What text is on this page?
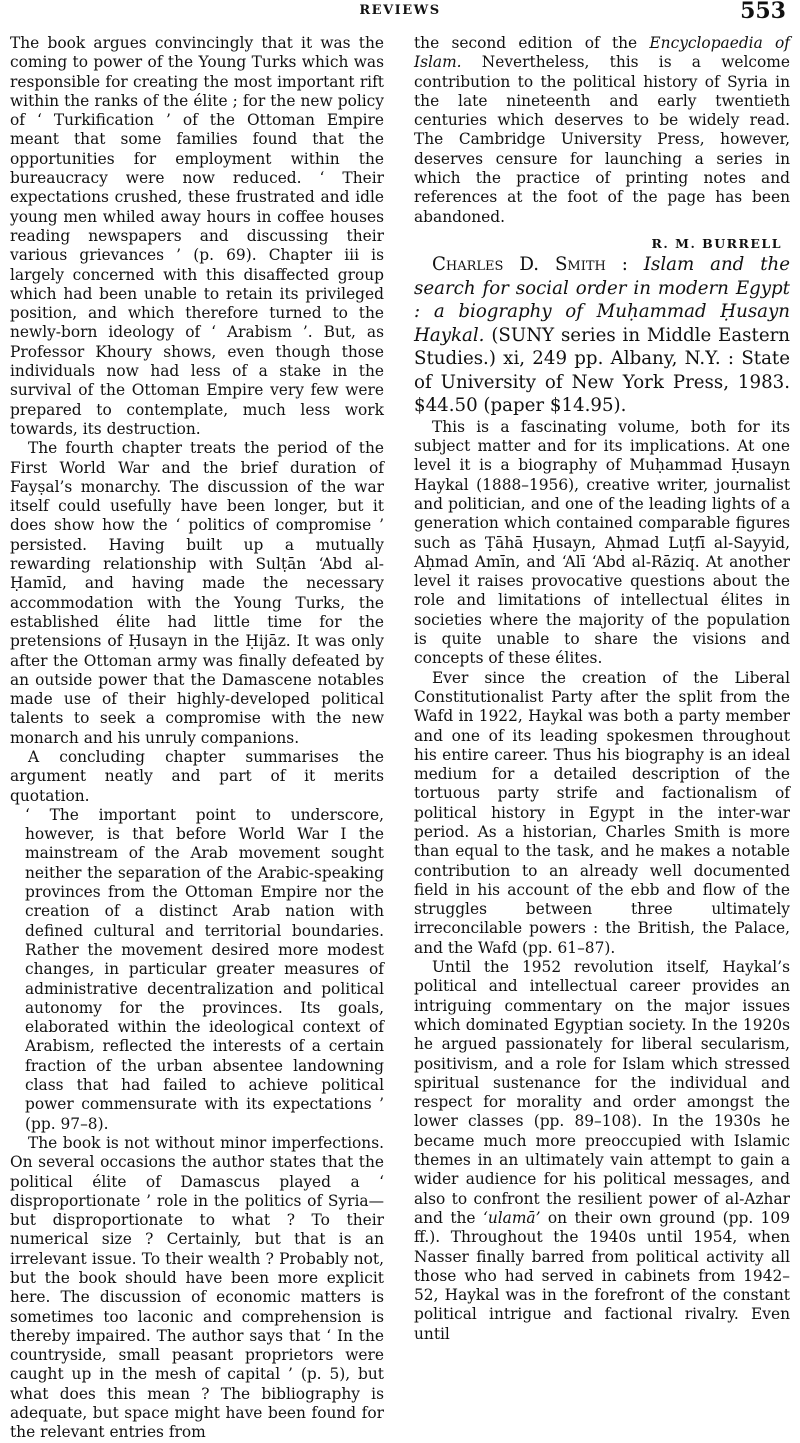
REVIEWS	553

The book argues convincingly that it was the coming to power of the Young Turks which was responsible for creating the most important rift within the ranks of the élite ; for the new policy of ‘ Turkification ’ of the Ottoman Empire meant that some families found that the opportunities for employment within the bureaucracy were now reduced. ‘ Their expectations crushed, these frustrated and idle young men whiled away hours in coffee houses reading newspapers and discussing their various grievances ’ (p. 69). Chapter iii is largely concerned with this disaffected group which had been unable to retain its privileged position, and which therefore turned to the newly-born ideology of ‘ Arabism ’. But, as Professor Khoury shows, even though those individuals now had less of a stake in the survival of the Ottoman Empire very few were prepared to contemplate, much less work towards, its destruction.

The fourth chapter treats the period of the First World War and the brief duration of Fayṣal’s monarchy. The discussion of the war itself could usefully have been longer, but it does show how the ‘ politics of compromise ’ persisted. Having built up a mutually rewarding relationship with Sulṭān ‘Abd al-Ḥamīd, and having made the necessary accommodation with the Young Turks, the established élite had little time for the pretensions of Ḥusayn in the Ḥijāz. It was only after the Ottoman army was finally defeated by an outside power that the Damascene notables made use of their highly-developed political talents to seek a compromise with the new monarch and his unruly companions.

A concluding chapter summarises the argument neatly and part of it merits quotation.

‘ The important point to underscore, however, is that before World War I the mainstream of the Arab movement sought neither the separation of the Arabic-speaking provinces from the Ottoman Empire nor the creation of a distinct Arab nation with defined cultural and territorial boundaries. Rather the movement desired more modest changes, in particular greater measures of administrative decentralization and political autonomy for the provinces. Its goals, elaborated within the ideological context of Arabism, reflected the interests of a certain fraction of the urban absentee landowning class that had failed to achieve political power commensurate with its expectations ’ (pp. 97–8).

The book is not without minor imperfections. On several occasions the author states that the political élite of Damascus played a ‘ disproportionate ’ role in the politics of Syria—but disproportionate to what ? To their numerical size ? Certainly, but that is an irrelevant issue. To their wealth ? Probably not, but the book should have been more explicit here. The discussion of economic matters is sometimes too laconic and comprehension is thereby impaired. The author says that ‘ In the countryside, small peasant proprietors were caught up in the mesh of capital ’ (p. 5), but what does this mean ? The bibliography is adequate, but space might have been found for the relevant entries from

the second edition of the Encyclopaedia of Islam. Nevertheless, this is a welcome contribution to the political history of Syria in the late nineteenth and early twentieth centuries which deserves to be widely read. The Cambridge University Press, however, deserves censure for launching a series in which the practice of printing notes and references at the foot of the page has been abandoned.

R. M. BURRELL

Charles D. Smith : Islam and the search for social order in modern Egypt : a biography of Muḥammad Ḥusayn Haykal. (SUNY series in Middle Eastern Studies.) xi, 249 pp. Albany, N.Y. : State of University of New York Press, 1983. $44.50 (paper $14.95).

This is a fascinating volume, both for its subject matter and for its implications. At one level it is a biography of Muḥammad Ḥusayn Haykal (1888–1956), creative writer, journalist and politician, and one of the leading lights of a generation which contained comparable figures such as Ṭāhā Ḥusayn, Aḥmad Luṭfī al-Sayyid, Aḥmad Amīn, and ‘Alī ‘Abd al-Rāziq. At another level it raises provocative questions about the role and limitations of intellectual élites in societies where the majority of the population is quite unable to share the visions and concepts of these élites.

Ever since the creation of the Liberal Constitutionalist Party after the split from the Wafd in 1922, Haykal was both a party member and one of its leading spokesmen throughout his entire career. Thus his biography is an ideal medium for a detailed description of the tortuous party strife and factionalism of political history in Egypt in the inter-war period. As a historian, Charles Smith is more than equal to the task, and he makes a notable contribution to an already well documented field in his account of the ebb and flow of the struggles between three ultimately irreconcilable powers : the British, the Palace, and the Wafd (pp. 61–87).

Until the 1952 revolution itself, Haykal’s political and intellectual career provides an intriguing commentary on the major issues which dominated Egyptian society. In the 1920s he argued passionately for liberal secularism, positivism, and a role for Islam which stressed spiritual sustenance for the individual and respect for morality and order amongst the lower classes (pp. 89–108). In the 1930s he became much more preoccupied with Islamic themes in an ultimately vain attempt to gain a wider audience for his political messages, and also to confront the resilient power of al-Azhar and the ‘ulamā’ on their own ground (pp. 109 ff.). Throughout the 1940s until 1954, when Nasser finally barred from political activity all those who had served in cabinets from 1942–52, Haykal was in the forefront of the constant political intrigue and factional rivalry. Even until
